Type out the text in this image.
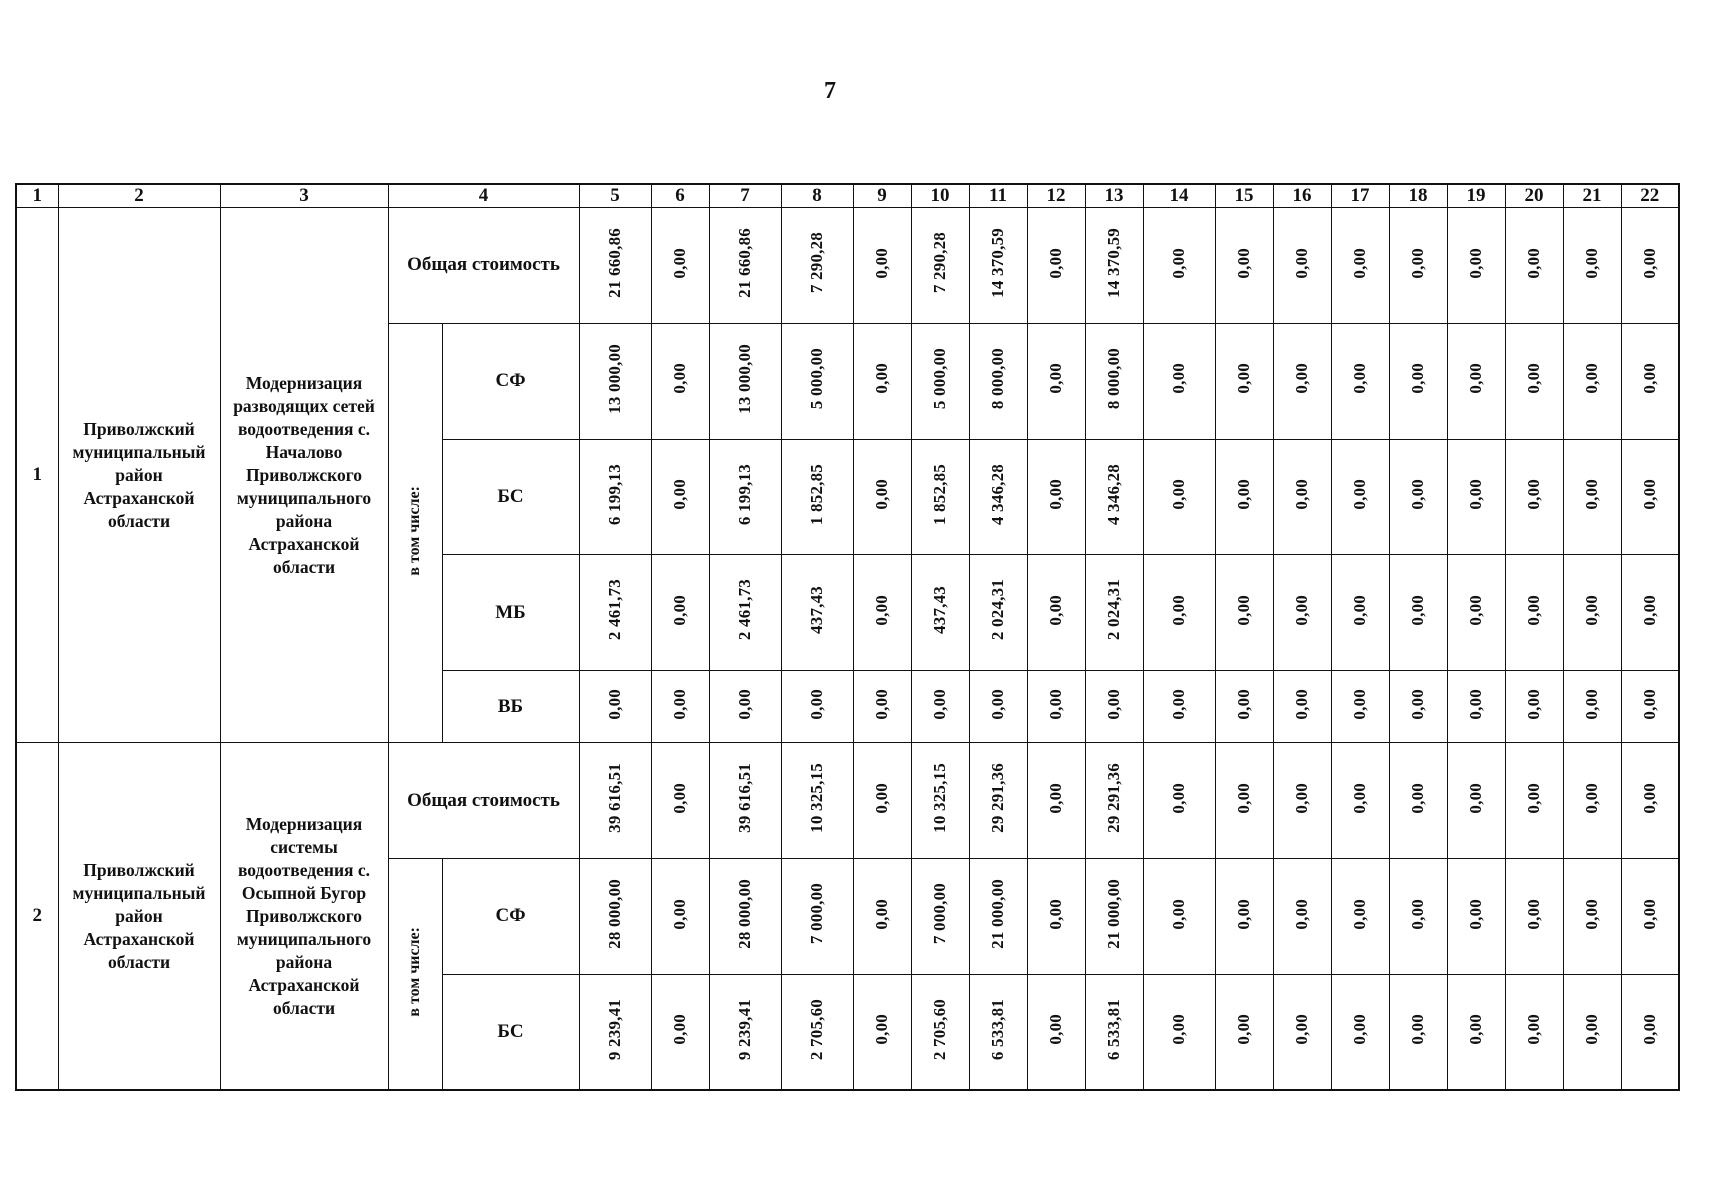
7
1	2	3	4		5	6	7	8	9	10	11	12	13	14	15	16	17	18	19	20	21	22
1	Приволжский муниципальный район Астраханской области	Модернизация разводящих сетей водоотведения с. Началово Приволжского муниципального района Астраханской области	Общая стоимость		21 660,86	0,00	21 660,86	7 290,28	0,00	7 290,28	14 370,59	0,00	14 370,59	0,00	0,00	0,00	0,00	0,00	0,00	0,00	0,00	0,00
			в том числе:	СФ	13 000,00	0,00	13 000,00	5 000,00	0,00	5 000,00	8 000,00	0,00	8 000,00	0,00	0,00	0,00	0,00	0,00	0,00	0,00	0,00	0,00
				БС	6 199,13	0,00	6 199,13	1 852,85	0,00	1 852,85	4 346,28	0,00	4 346,28	0,00	0,00	0,00	0,00	0,00	0,00	0,00	0,00	0,00
				МБ	2 461,73	0,00	2 461,73	437,43	0,00	437,43	2 024,31	0,00	2 024,31	0,00	0,00	0,00	0,00	0,00	0,00	0,00	0,00	0,00
				ВБ	0,00	0,00	0,00	0,00	0,00	0,00	0,00	0,00	0,00	0,00	0,00	0,00	0,00	0,00	0,00	0,00	0,00	0,00
2	Приволжский муниципальный район Астраханской области	Модернизация системы водоотведения с. Осыпной Бугор Приволжского муниципального района Астраханской области	Общая стоимость		39 616,51	0,00	39 616,51	10 325,15	0,00	10 325,15	29 291,36	0,00	29 291,36	0,00	0,00	0,00	0,00	0,00	0,00	0,00	0,00	0,00
			в том числе:	СФ	28 000,00	0,00	28 000,00	7 000,00	0,00	7 000,00	21 000,00	0,00	21 000,00	0,00	0,00	0,00	0,00	0,00	0,00	0,00	0,00	0,00
				БС	9 239,41	0,00	9 239,41	2 705,60	0,00	2 705,60	6 533,81	0,00	6 533,81	0,00	0,00	0,00	0,00	0,00	0,00	0,00	0,00	0,00
